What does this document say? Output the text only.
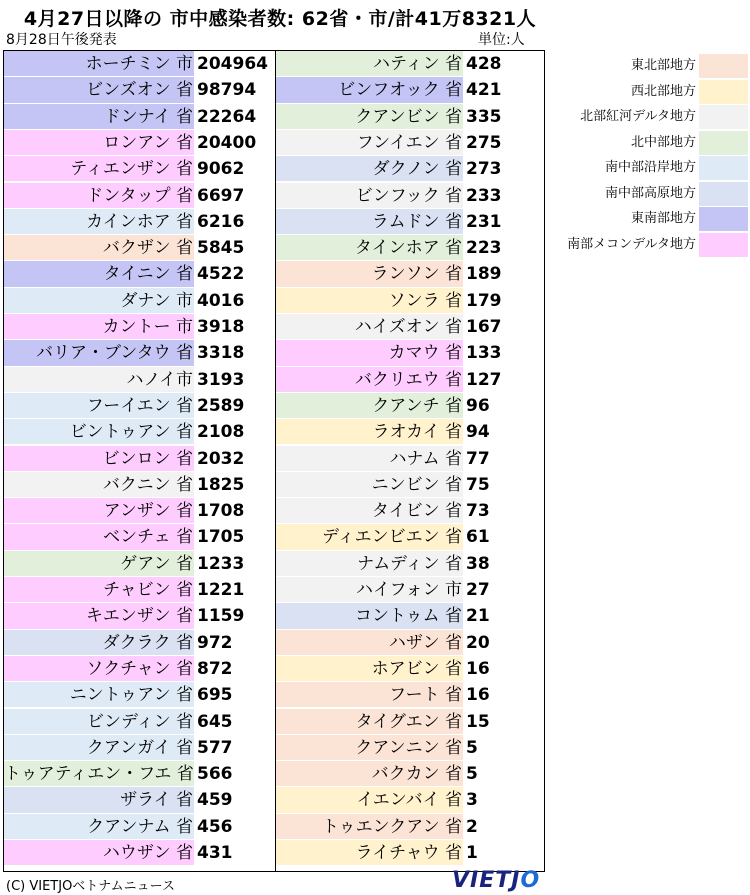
4月27日以降の 市中感染者数: 62省・市/計41万8321人
8月28日午後発表	単位:人
ホーチミン 市 204964
ビンズオン 省 98794
ドンナイ 省 22264
ロンアン 省 20400
ティエンザン 省 9062
ドンタップ 省 6697
カインホア 省 6216
バクザン 省 5845
タイニン 省 4522
ダナン 市 4016
カントー 市 3918
バリア・ブンタウ 省 3318
ハノイ市 3193
フーイエン 省 2589
ビントゥアン 省 2108
ビンロン 省 2032
バクニン 省 1825
アンザン 省 1708
ベンチェ 省 1705
ゲアン 省 1233
チャビン 省 1221
キエンザン 省 1159
ダクラク 省 972
ソクチャン 省 872
ニントゥアン 省 695
ビンディン 省 645
クアンガイ 省 577
トゥアティエン・フエ 省 566
ザライ 省 459
クアンナム 省 456
ハウザン 省 431
ハティン 省 428
ビンフオック 省 421
クアンビン 省 335
フンイエン 省 275
ダクノン 省 273
ビンフック 省 233
ラムドン 省 231
タインホア 省 223
ランソン 省 189
ソンラ 省 179
ハイズオン 省 167
カマウ 省 133
バクリエウ 省 127
クアンチ 省 96
ラオカイ 省 94
ハナム 省 77
ニンビン 省 75
タイビン 省 73
ディエンビエン 省 61
ナムディン 省 38
ハイフォン 市 27
コントゥム 省 21
ハザン 省 20
ホアビン 省 16
フート 省 16
タイグエン 省 15
クアンニン 省 5
バクカン 省 5
イエンバイ 省 3
トゥエンクアン 省 2
ライチャウ 省 1
東北部地方
西北部地方
北部紅河デルタ地方
北中部地方
南中部沿岸地方
南中部高原地方
東南部地方
南部メコンデルタ地方
(C) VIETJOベトナムニュース	VIETJO
